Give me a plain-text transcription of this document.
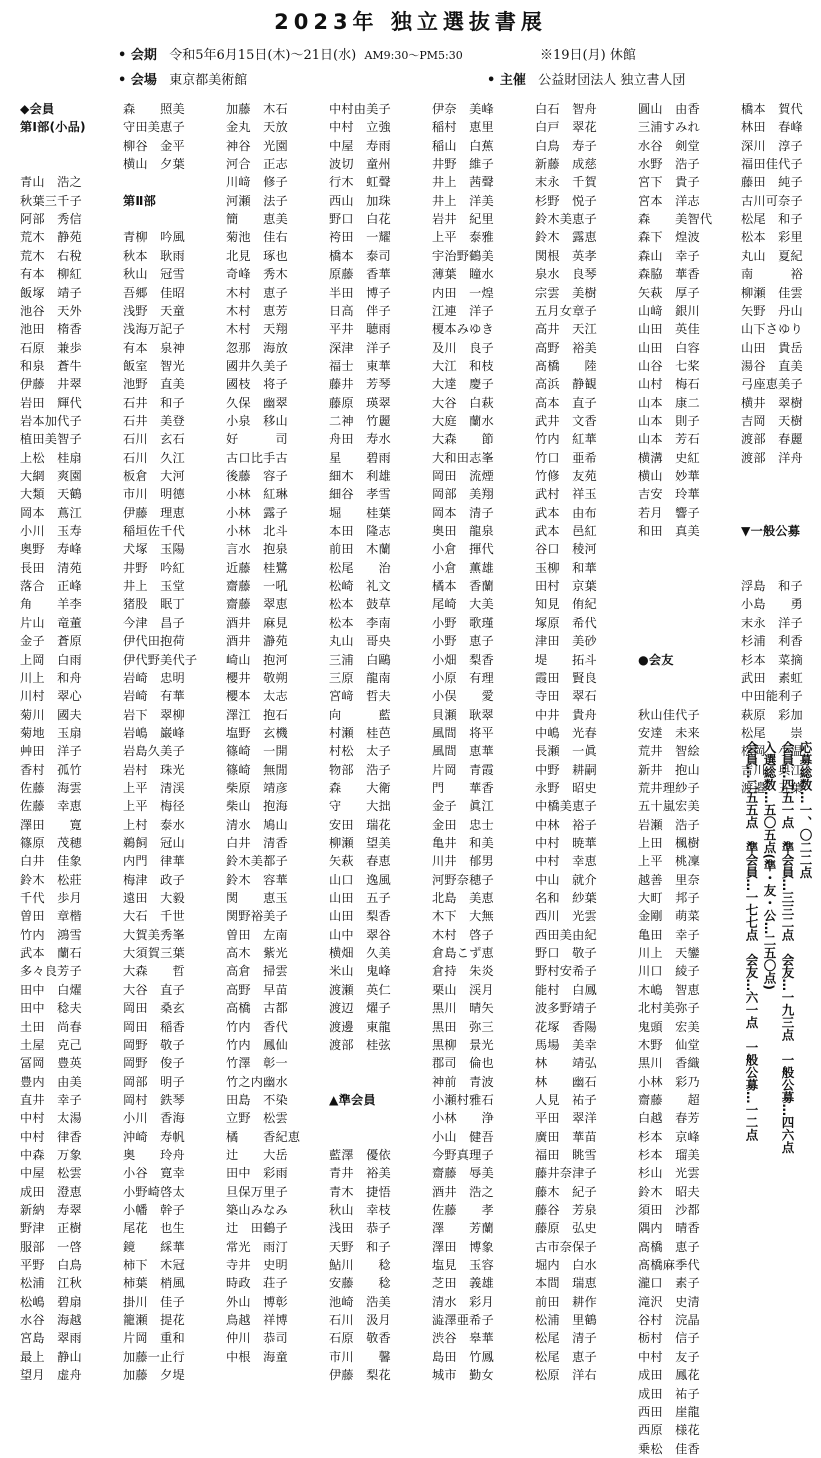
2023年 独立選抜書展
• 会期 令和5年6月15日(木)～21日(水) AM9:30～PM5:30	※19日(月) 休館
• 会場 東京都美術館	• 主催 公益財団法人 独立書人団
◆会員
第Ⅰ部(小品)
青山　浩之
秋葉三千子
阿部　秀信
荒木　静苑
荒木　右稅
有本　柳紅
飯塚　靖子
池谷　天外
池田　楕香
石原　兼歩
和泉　蒼牛
伊藤　井翠
岩田　輝代
岩本加代子
植田美智子
上松　桂扇
大網　爽園
大類　天鶴
岡本　蔦江
小川　玉寿
奥野　寿峰
長田　清苑
落合　正峰
角　　羊李
片山　竜董
金子　蒼原
上岡　白雨
川上　和舟
川村　翠心
菊川　國夫
菊地　玉扇
艸田　洋子
香村　孤竹
佐藤　海雲
佐藤　幸恵
澤田　　寛
篠原　茂穂
白井　佳象
鈴木　松莊
千代　歩月
曽田　章楷
竹内　鴻雪
武本　蘭石
多々良芳子
田中　白燿
田中　稔夫
土田　尚春
土屋　克己
冨岡　豊英
豊内　由美
直井　幸子
中村　太湯
中村　律香
中森　万象
中屋　松雲
成田　澄恵
新納　寿翠
野津　正樹
服部　一啓
平野　白鳥
松浦　江秋
松嶋　碧扇
水谷　海越
宮島　翠雨
最上　静山
望月　虚舟
森　　照美
守田美恵子
柳谷　金平
横山　夕葉
第Ⅱ部
青柳　吟風
秋本　耿雨
秋山　冠雪
吾郷　佳昭
浅野　天童
浅海万記子
有本　泉神
飯室　智光
池野　直美
石井　和子
石井　美登
石川　玄石
石川　久江
板倉　大河
市川　明德
伊藤　理恵
稲垣佐千代
犬塚　玉陽
井野　吟紅
井上　玉堂
猪股　眠丁
今津　昌子
伊代田抱荷
伊代野美代子
岩崎　忠明
岩崎　有華
岩下　翠柳
岩嶋　巌峰
岩島久美子
岩村　珠光
上平　清渓
上平　梅径
上村　泰水
鵜飼　冠山
内門　律華
梅津　政子
遠田　大毅
大石　千世
大賀美秀峯
大須賀三葉
大森　　哲
大谷　直子
岡田　桑玄
岡田　稲香
岡野　敬子
岡野　俊子
岡部　明子
岡村　鉄琴
小川　香海
沖崎　寿帆
奥　　玲舟
小谷　寛幸
小野崎啓太
小幡　幹子
尾花　也生
鏡　　綵華
柿下　木冠
柿葉　梢風
掛川　佳子
籠瀬　提花
片岡　重和
加藤一止行
加藤　夕堤
加藤　木石
金丸　天放
神谷　光園
河合　正志
川﨑　修子
河瀬　法子
簡　　恵美
菊池　佳右
北見　琢也
奇峰　秀木
木村　恵子
木村　恵芳
木村　天翔
忽那　海放
國井久美子
國枝　将子
久保　幽翠
小泉　移山
好　　　司
古口比手古
後藤　容子
小林　紅琳
小林　露子
小林　北斗
言水　抱泉
近藤　桂鷺
齋藤　一吼
齋藤　翠恵
酒井　麻見
酒井　瀞苑
崎山　抱河
櫻井　敬朔
櫻本　太志
澤江　抱石
塩野　玄機
篠崎　一開
篠崎　無閒
柴原　靖彦
柴山　抱海
清水　鳩山
白井　清香
鈴木美都子
鈴木　容華
関　　恵玉
関野裕美子
曽田　左南
高木　紫光
高倉　掃雲
高野　早苗
高橋　古都
竹内　香代
竹内　鳳仙
竹澤　彰一
竹之内幽水
田島　不染
立野　松雲
橘　　香紀恵
辻　　大岳
田中　彩雨
旦保万里子
築山みなみ
辻　田鶴子
常光　雨汀
寺井　史明
時政　荘子
外山　博彰
鳥越　祥博
仲川　恭司
中根　海童
中村由美子
中村　立強
中屋　寿雨
波切　童州
行木　虹聲
西山　加珠
野口　白花
袴田　一耀
橋本　泰司
原藤　香華
半田　博子
日高　伴子
平井　聴雨
深津　洋子
福士　東華
藤井　芳琴
藤原　瑛翠
二神　竹麗
舟田　寿水
星　　碧雨
細木　利雄
細谷　孝雪
堀　　桂葉
本田　隆志
前田　木蘭
松尾　　治
松崎　礼文
松本　鼓草
松本　李南
丸山　哥央
三浦　白鷗
三原　龍南
宮﨑　哲夫
向　　　藍
村瀬　桂芭
村松　太子
物部　浩子
森　　大衛
守　　大拙
安田　瑞花
柳瀬　望美
矢萩　春恵
山口　逸風
山田　五子
山田　梨香
山中　翠谷
横畑　久美
米山　鬼峰
渡瀬　英仁
渡辺　燿子
渡邊　東龍
渡部　桂弦
▲準会員
藍澤　優依
青井　裕美
青木　捷悟
秋山　幸枝
浅田　恭子
天野　和子
鮎川　　稔
安藤　　稔
池崎　浩美
石川　汲月
石原　敬香
市川　　馨
伊藤　梨花
伊奈　美峰
稲村　恵里
稲山　白蕉
井野　維子
井上　茜聲
井上　洋美
岩井　紀里
上平　泰雅
宇治野鶴美
薄葉　瞳水
内田　一煌
江連　洋子
榎本みゆき
及川　良子
大江　和枝
大達　慶子
大谷　白萩
大庭　蘭水
大森　　節
大和田志峯
岡田　流煙
岡部　美翔
岡本　清子
奥田　龍泉
小倉　揮代
小倉　薫雄
橘本　香蘭
尾崎　大美
小野　歌瑾
小野　恵子
小畑　梨香
小原　有理
小俣　　愛
貝瀬　耿翠
風間　将平
風間　恵華
片岡　青霞
門　　華香
金子　眞江
金田　忠士
亀井　和美
川井　郁男
河野奈穂子
北島　美恵
木下　大無
木村　啓子
倉島こず恵
倉持　朱炎
栗山　渓月
黒川　晴矢
黒田　弥三
黒柳　景光
郡司　倫也
神前　青波
小瀬村雅石
小林　　浄
小山　健吾
今野真理子
齋藤　辱美
酒井　浩之
佐藤　　孝
澤　　芳蘭
澤田　博象
塩見　玉容
芝田　義雄
清水　彩月
澁澤亜希子
渋谷　皋華
島田　竹鳳
城市　勤女
白石　智舟
白戸　翠花
白鳥　寿子
新藤　成慈
末永　千賀
杉野　悦子
鈴木美恵子
鈴木　露恵
関根　英孝
泉水　良琴
宗雲　美樹
五月女章子
高井　天江
高野　裕美
髙橋　　陸
高浜　静観
高本　直子
武井　文香
竹内　紅華
竹口　亜希
竹修　友苑
武村　祥玉
武本　由布
武本　邑紅
谷口　稜河
玉柳　和華
田村　京葉
知見　侑紀
塚原　希代
津田　美砂
堤　　拓斗
霞田　賢良
寺田　翠石
中井　貴舟
中嶋　光春
長瀬　一眞
中野　耕嗣
永野　昭史
中橋美恵子
中林　裕子
中村　暁華
中村　幸恵
中山　就介
名和　紗葉
西川　光雲
西田美由紀
野口　敬子
野村安希子
能村　白鳳
波多野靖子
花塚　香陽
馬場　美幸
林　　靖弘
林　　幽石
人見　祐子
平田　翠洋
廣田　華苗
福田　眺雪
藤井奈津子
藤木　紀子
藤谷　芳泉
藤原　弘史
古市奈保子
堀内　白水
本間　瑞恵
前田　耕作
松浦　里鶴
松尾　清子
松尾　恵子
松原　洋右
圓山　由香
三浦すみれ
水谷　剣堂
水野　浩子
宮下　貴子
宮本　洋志
森　　美智代
森下　煌波
森山　幸子
森脇　華香
矢萩　厚子
山﨑　銀川
山田　英佳
山田　白容
山谷　七桨
山村　梅石
山本　康二
山本　則子
山本　芳石
横溝　史紅
横山　妙華
吉安　玲華
若月　響子
和田　真美
橋本　賀代
林田　春峰
深川　淳子
福田佳代子
藤田　純子
古川可奈子
松尾　和子
松本　彩里
丸山　夏紀
南　　　裕
柳瀬　佳雲
矢野　丹山
山下さゆり
山田　貴岳
湯谷　直美
弓座恵美子
横井　翠樹
吉岡　天樹
渡部　春麗
渡部　洋舟
▼一般公募
●会友
秋山佳代子
安達　未来
荒井　智絵
新井　抱山
荒井理紗子
五十嵐宏美
岩瀬　浩子
上田　楓樹
上平　桃凜
越善　里奈
大町　邦子
金剛　萌菜
亀田　幸子
川上　天鑾
川口　綾子
木嶋　智恵
北村美弥子
鬼頭　宏美
木野　仙堂
黒川　香織
小林　彩乃
齋藤　　超
白越　春芳
杉本　京峰
杉本　瑠美
杉山　光雲
鈴木　昭夫
須田　沙都
隅内　晴香
髙橋　恵子
髙橋麻季代
瀧口　素子
滝沢　史清
谷村　浣晶
栃村　信子
中村　友子
成田　鳳花
成田　祐子
西田　崖龍
西原　様花
乗松　佳香
浮島　和子
小島　　勇
末永　洋子
杉浦　利香
杉本　菜摘
武田　素虹
中田能利子
萩原　彩加
松尾　　崇
松岡　小温
吉川　典江
渡邉　五葉
応募総数…一、〇二二点
会員…四五一点　準会員…三三二点　会友…一九三点　一般公募…四六点
入選総数…五〇五点(準・友・公…二五〇点)
会員…二五五点　準会員…一七七点　会友…六一点　一般公募…一二点
